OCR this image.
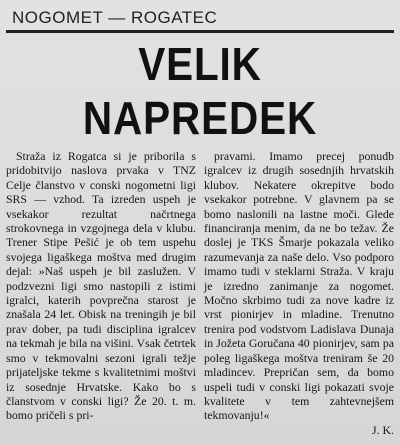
NOGOMET — ROGATEC
VELIK NAPREDEK

Straža iz Rogatca si je priborila s pridobitvijo naslova prvaka v TNZ Celje članstvo v conski nogometni ligi SRS — vzhod. Ta izreden uspeh je vsekakor rezultat načrtnega strokovnega in vzgojnega dela v klubu. Trener Stipe Pešić je ob tem uspehu svojega ligaškega moštva med drugim dejal: »Naš uspeh je bil zaslužen. V podzvezni ligi smo nastopili z istimi igralci, katerih povprečna starost je znašala 24 let. Obisk na treningih je bil prav dober, pa tudi disciplina igralcev na tekmah je bila na višini. Vsak četrtek smo v tekmovalni sezoni igrali težje prijateljske tekme s kvalitetnimi moštvi iz sosednje Hrvatske. Kako bo s članstvom v conski ligi? Že 20. t. m. bomo pričeli s pri-

pravami. Imamo precej ponudb igralcev iz drugih sosednjih hrvatskih klubov. Nekatere okrepitve bodo vsekakor potrebne. V glavnem pa se bomo naslonili na lastne moči. Glede financiranja menim, da ne bo težav. Že doslej je TKS Šmarje pokazala veliko razumevanja za naše delo. Vso podporo imamo tudi v steklarni Straža. V kraju je izredno zanimanje za nogomet. Močno skrbimo tudi za nove kadre iz vrst pionirjev in mladine. Trenutno trenira pod vodstvom Ladislava Dunaja in Jožeta Goručana 40 pionirjev, sam pa poleg ligaškega moštva treniram še 20 mladincev. Prepričan sem, da bomo uspeli tudi v conski ligi pokazati svoje kvalitete v tem zahtevnejšem tekmovanju!«

J. K.
